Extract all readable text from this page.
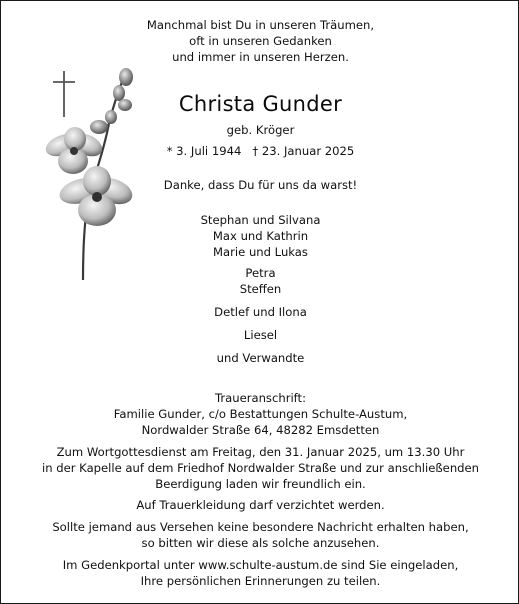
Manchmal bist Du in unseren Träumen,
oft in unseren Gedanken
und immer in unseren Herzen.
Christa Gunder
geb. Kröger
* 3. Juli 1944   † 23. Januar 2025
Danke, dass Du für uns da warst!
Stephan und Silvana
Max und Kathrin
Marie und Lukas
Petra
Steffen
Detlef und Ilona
Liesel
und Verwandte
Traueranschrift:
Familie Gunder, c/o Bestattungen Schulte-Austum,
Nordwalder Straße 64, 48282 Emsdetten
Zum Wortgottesdienst am Freitag, den 31. Januar 2025, um 13.30 Uhr
in der Kapelle auf dem Friedhof Nordwalder Straße und zur anschließenden
Beerdigung laden wir freundlich ein.
Auf Trauerkleidung darf verzichtet werden.
Sollte jemand aus Versehen keine besondere Nachricht erhalten haben,
so bitten wir diese als solche anzusehen.
Im Gedenkportal unter www.schulte-austum.de sind Sie eingeladen,
Ihre persönlichen Erinnerungen zu teilen.
